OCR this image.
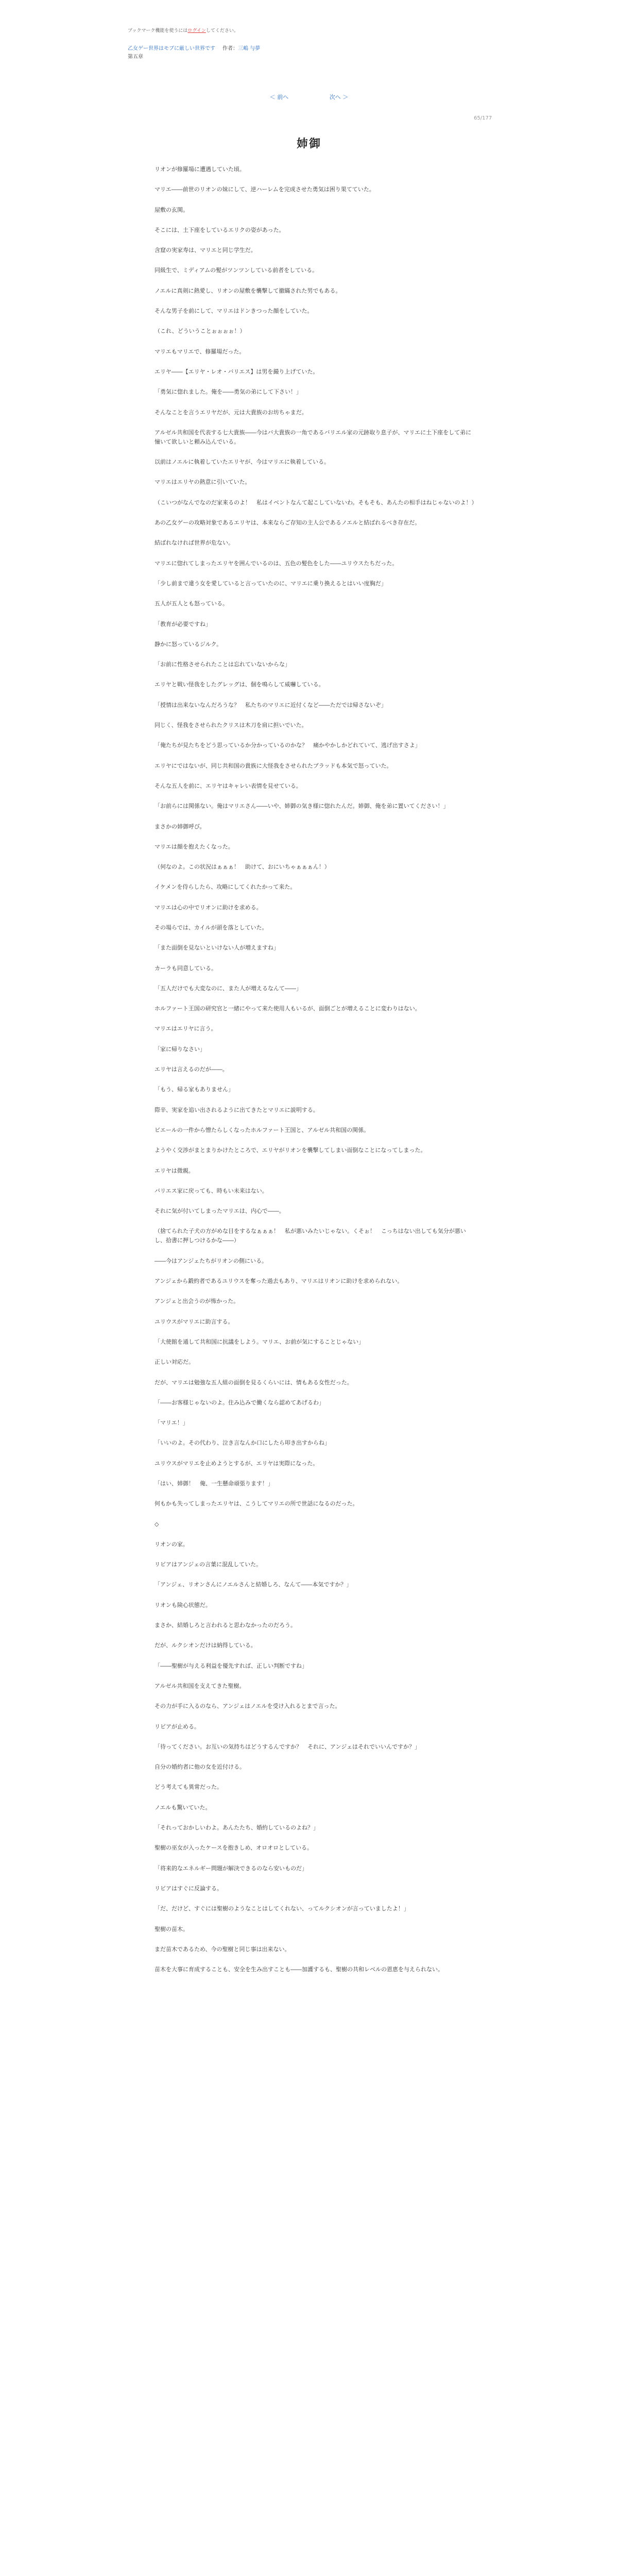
ブックマーク機能を使うにはログインしてください。

乙女ゲー世界はモブに厳しい世界です 作者：三嶋 与夢
第五章
＜ 前へ	次へ ＞
65/177
姉御

リオンが修羅場に遭遇していた頃。

マリエ――前世のリオンの妹にして、逆ハーレムを完成させた勇気は困り果てていた。

屋敷の玄関。

そこには、土下座をしているエリクの姿があった。

含窟の実家寿は、マリエと同じ学生だ。

同級生で、ミディアムの髪がツンツンしている前者をしている。

ノエルに真剣に熱愛し、リオンの屋敷を襲撃して撤瞞された男でもある。

そんな男子を前にして、マリエはドンきつった顔をしていた。

（これ、どういうことぉぉぉぉ！）

マリエもマリエで、修羅場だった。

エリヤ――【エリヤ・レオ・バリエス】は男を撮り上げていた。

「勇気に惚れました。俺を――勇気の弟にして下さい！」

そんなことを言うエリヤだが、元は大貴族のお坊ちゃまだ。

アルゼル共和国を代表する七大貴族――今はバ大貴族の一角であるバリエル家の元跡取り息子が、マリエに土下座をして弟に憧いて欲しいと頼み込んでいる。

以前はノエルに執着していたエリヤが、今はマリエに執着している。

マリエはエリヤの熱意に引いていた。

（こいつがなんでなのだ家来るのよ！　私はイベントなんて起こしていないわ。そもそも、あんたの相手はねじゃないのよ！）

あの乙女ゲーの攻略対象であるエリヤは、本来ならご存知の主人公であるノエルと結ばれるべき存在だ。

結ばれなければ世界が危ない。

マリエに惚れてしまったエリヤを囲んでいるのは、五色の髪色をした――ユリウスたちだった。

「少し前まで違う女を愛していると言っていたのに、マリエに乗り換えるとはいい度胸だ」

五人が五人とも怒っている。

「教育が必要ですね」

静かに怒っているジルク。

「お前に性格させられたことは忘れていないからな」

エリヤと戦い怪我をしたグレッグは、個を鳴らして威嚇している。

「授情は出来ないなんだろうな？　私たちのマリエに近付くなど――ただでは帰さないぞ」

同じく、怪我をさせられたクリスは木刀を肩に担いでいた。

「俺たちが見たちをどう思っているか分かっているのかな？　痛かやかしかどれていて、逃げ出すさよ」

エリヤにではないが、同じ共和国の貴族に大怪我をさせられたブラッドも本気で怒っていた。

そんな五人を前に、エリヤはキャレい表情を見せている。

「お前らには関係ない。俺はマリエさん――いや、姉御の気き様に惚れたんだ。姉御、俺を弟に置いてください！」

まさかの姉御呼び。

マリエは顔を抱えたくなった。

（何なのよ。この状況はぁぁぁ！　助けて、おにいちゃぁぁぁん！）

イケメンを侍らしたら、攻略にしてくれたかって来た。

マリエは心の中でリオンに助けを求める。

その場らでは、カイルが頭を落としていた。

「また面倒を見ないといけない人が増えますね」

カーラも同意している。

「五人だけでも大変なのに、また人が増えるなんて――」

ホルファート王国の研究官と一緒にやって来た使用人もいるが、面倒ごとが増えることに変わりはない。

マリエはエリヤに言う。

「家に帰りなさい」

エリヤは言えるのだが――。

「もう、帰る家もありません」

際辛、実家を追い出されるように出てきたとマリエに説明する。

ビエールの一件から憎たらしくなったホルファート王国と、アルゼル共和国の関係。

ようやく交渉がまとまりかけたところで、エリヤがリオンを襲撃してしまい面倒なことになってしまった。

エリヤは微親。

バリエス家に戻っても、時もい未来はない。

それに気が付いてしまったマリエは、内心で――。

（捨てられた子犬の方がめな目をするなぁぁぁ！　私が悪いみたいじゃない。くそぉ！　こっちはない出しても気分が悪いし、拾書に押しつけるかな――）

――今はアンジェたちがリオンの側にいる。

アンジェから鍛約者であるユリウスを奪った過去もあり、マリエはリオンに助けを求められない。

アンジェと出会うのが怖かった。

ユリウスがマリエに助言する。

「大使館を通して共和国に抗議をしよう。マリエ、お前が気にすることじゃない」

正しい対応だ。

だが、マリエは勉強な五人組の面倒を見るくらいには、情もある女性だった。

「――お客様じゃないのよ。住み込みで働くなら認めてあげるわ」

「マリエ！」

「いいのよ。その代わり、泣き言なんか口にしたら叩き出すからね」

ユリウスがマリエを止めようとするが、エリヤは実際になった。

「はい、姉御！　俺、一生懸命頑張ります！」

何もかも失ってしまったエリヤは、こうしてマリエの所で世話になるのだった。

◇

リオンの家。

リビアはアンジェの言葉に混乱していた。

「アンジェ、リオンさんにノエルさんと結婚しろ、なんて――本気ですか？」

リオンも険心状態だ。

まさか、結婚しろと言われると思わなかったのだろう。

だが、ルクシオンだけは納得している。

「――聖樹が与える利益を優先すれば、正しい判断ですね」

アルゼル共和国を支えてきた聖樹。

その力が手に入るのなら、アンジェはノエルを受け入れるとまで言った。

リビアが止める。

「待ってください。お互いの気持ちはどうするんですか？　それに、アンジェはそれでいいんですか？」

自分の婚約者に他の女を近付ける。

どう考えても異常だった。

ノエルも驚いていた。

「それっておかしいわよ。あんたたち、婚約しているのよね？」

聖樹の巫女が入ったケースを抱きしめ、オロオロとしている。

「将来的なエネルギー問題が解決できるのなら安いものだ」

リビアはすぐに反論する。

「だ、だけど、すぐには聖樹のようなことはしてくれない、ってルクシオンが言っていましたよ！」

聖樹の苗木。

まだ苗木であるため、今の聖樹と同じ事は出来ない。

苗木を大事に育成することも、安全を生み出すことも――加護するも、聖樹の共和レベルの恩恵を与えられない。
